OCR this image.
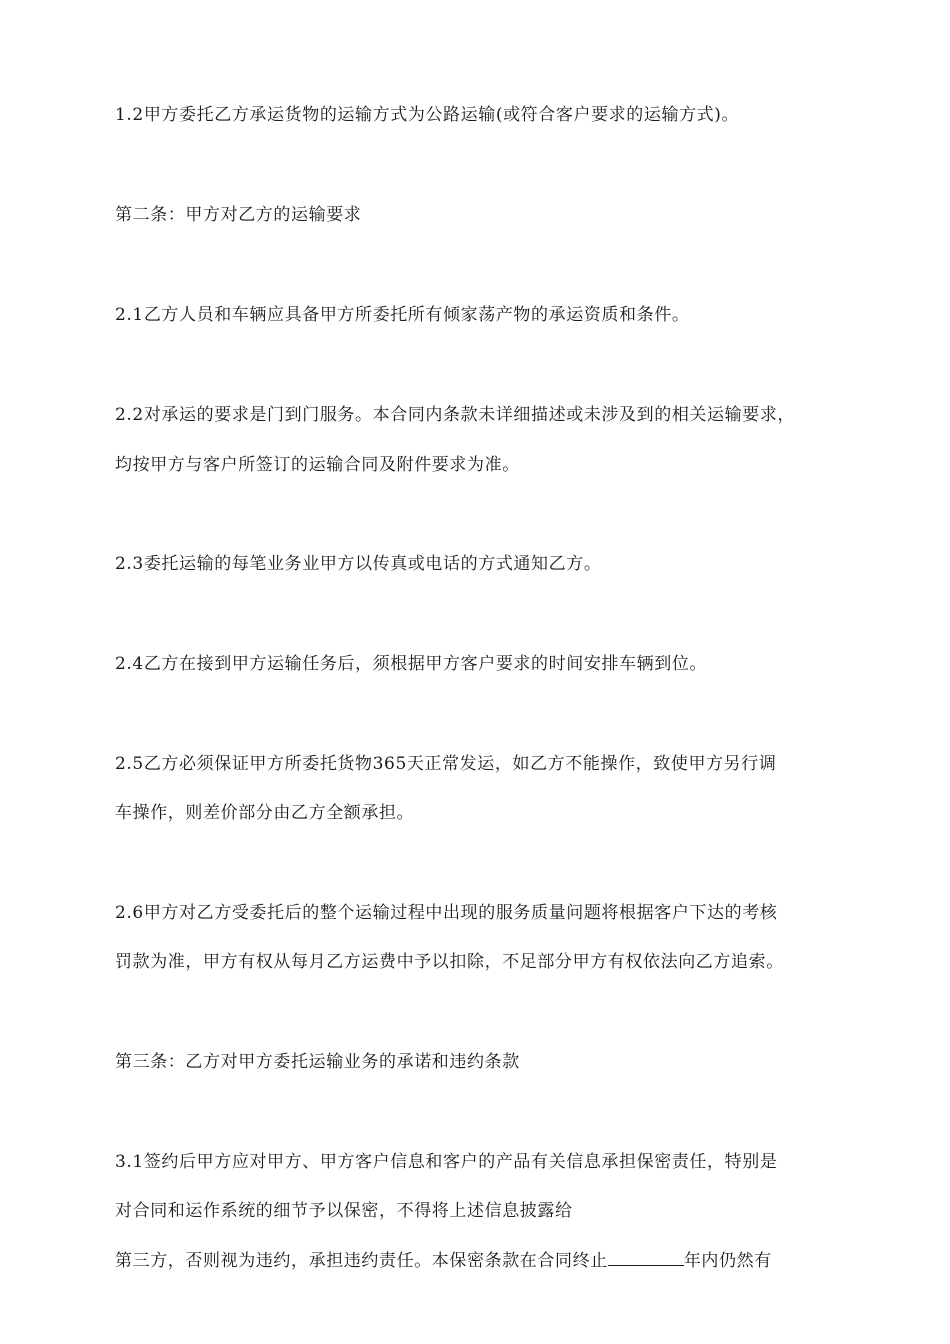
1.2甲方委托乙方承运货物的运输方式为公路运输(或符合客户要求的运输方式)。
第二条：甲方对乙方的运输要求
2.1乙方人员和车辆应具备甲方所委托所有倾家荡产物的承运资质和条件。
2.2对承运的要求是门到门服务。本合同内条款未详细描述或未涉及到的相关运输要求，
均按甲方与客户所签订的运输合同及附件要求为准。
2.3委托运输的每笔业务业甲方以传真或电话的方式通知乙方。
2.4乙方在接到甲方运输任务后，须根据甲方客户要求的时间安排车辆到位。
2.5乙方必须保证甲方所委托货物365天正常发运，如乙方不能操作，致使甲方另行调
车操作，则差价部分由乙方全额承担。
2.6甲方对乙方受委托后的整个运输过程中出现的服务质量问题将根据客户下达的考核
罚款为准，甲方有权从每月乙方运费中予以扣除，不足部分甲方有权依法向乙方追索。
第三条：乙方对甲方委托运输业务的承诺和违约条款
3.1签约后甲方应对甲方、甲方客户信息和客户的产品有关信息承担保密责任，特别是
对合同和运作系统的细节予以保密，不得将上述信息披露给
第三方，否则视为违约，承担违约责任。本保密条款在合同终止	年内仍然有
